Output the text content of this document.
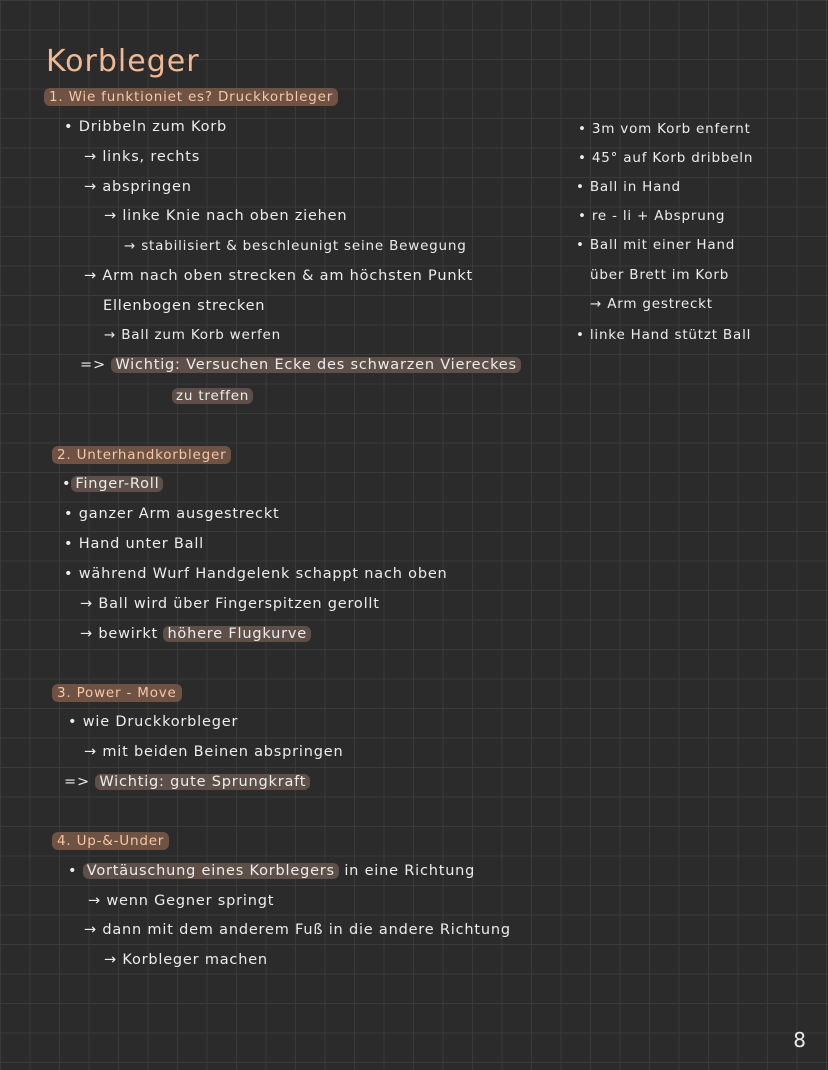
Korbleger
1. Wie funktioniet es? Druckkorbleger
• Dribbeln zum Korb
→ links, rechts
→ abspringen
→ linke Knie nach oben ziehen
→ stabilisiert & beschleunigt seine Bewegung
→ Arm nach oben strecken & am höchsten Punkt
Ellenbogen strecken
→ Ball zum Korb werfen
=> Wichtig: Versuchen Ecke des schwarzen Viereckes
zu treffen
• 3m vom Korb enfernt
• 45° auf Korb dribbeln
• Ball in Hand
• re - li + Absprung
• Ball mit einer Hand
über Brett im Korb
→ Arm gestreckt
• linke Hand stützt Ball
2. Unterhandkorbleger
• Finger-Roll
• ganzer Arm ausgestreckt
• Hand unter Ball
• während Wurf Handgelenk schappt nach oben
→ Ball wird über Fingerspitzen gerollt
→ bewirkt höhere Flugkurve
3. Power - Move
• wie Druckkorbleger
→ mit beiden Beinen abspringen
=> Wichtig: gute Sprungkraft
4. Up-&-Under
• Vortäuschung eines Korblegers in eine Richtung
→ wenn Gegner springt
→ dann mit dem anderem Fuß in die andere Richtung
→ Korbleger machen
8
